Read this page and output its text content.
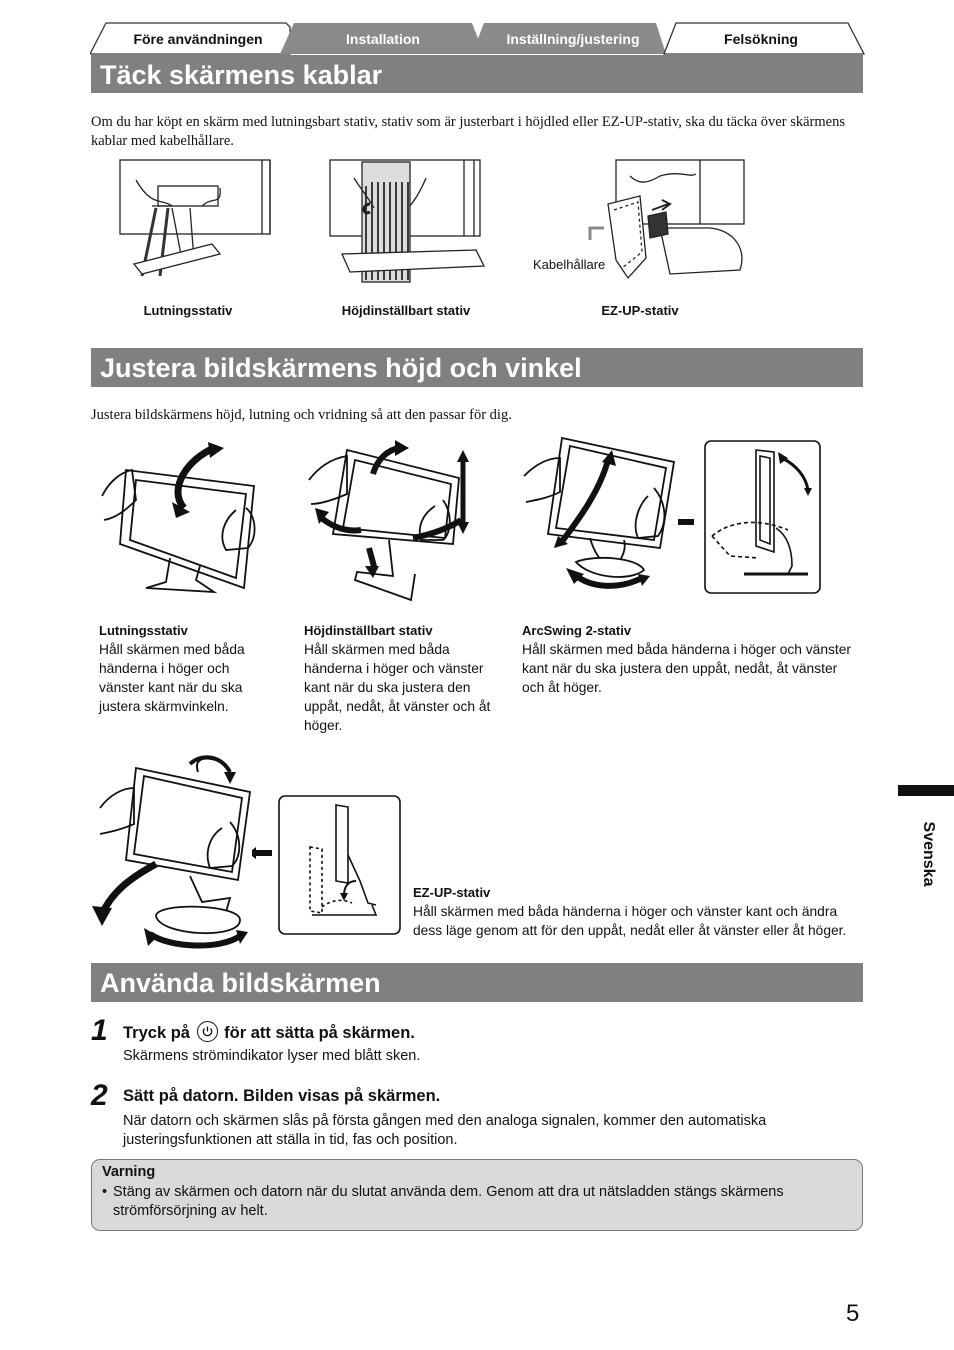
Före användningen	Installation	Inställning/justering	Felsökning
Täck skärmens kablar
Om du har köpt en skärm med lutningsbart stativ, stativ som är justerbart i höjdled eller EZ-UP-stativ, ska du täcka över skärmens kablar med kabelhållare.
Lutningsstativ	Höjdinställbart stativ
Kabelhållare
EZ-UP-stativ
Justera bildskärmens höjd och vinkel
Justera bildskärmens höjd, lutning och vridning så att den passar för dig.
Lutningsstativ
Håll skärmen med båda händerna i höger och vänster kant när du ska justera skärmvinkeln.
Höjdinställbart stativ
Håll skärmen med båda händerna i höger och vänster kant när du ska justera den uppåt, nedåt, åt vänster och åt höger.
ArcSwing 2-stativ
Håll skärmen med båda händerna i höger och vänster kant när du ska justera den uppåt, nedåt, åt vänster och åt höger.
EZ-UP-stativ
Håll skärmen med båda händerna i höger och vänster kant och ändra dess läge genom att för den uppåt, nedåt eller åt vänster eller åt höger.
Använda bildskärmen
1 Tryck på för att sätta på skärmen.
Skärmens strömindikator lyser med blått sken.
2 Sätt på datorn. Bilden visas på skärmen.
När datorn och skärmen slås på första gången med den analoga signalen, kommer den automatiska justeringsfunktionen att ställa in tid, fas och position.
Varning
• Stäng av skärmen och datorn när du slutat använda dem. Genom att dra ut nätsladden stängs skärmens strömförsörjning av helt.
Svenska
5
